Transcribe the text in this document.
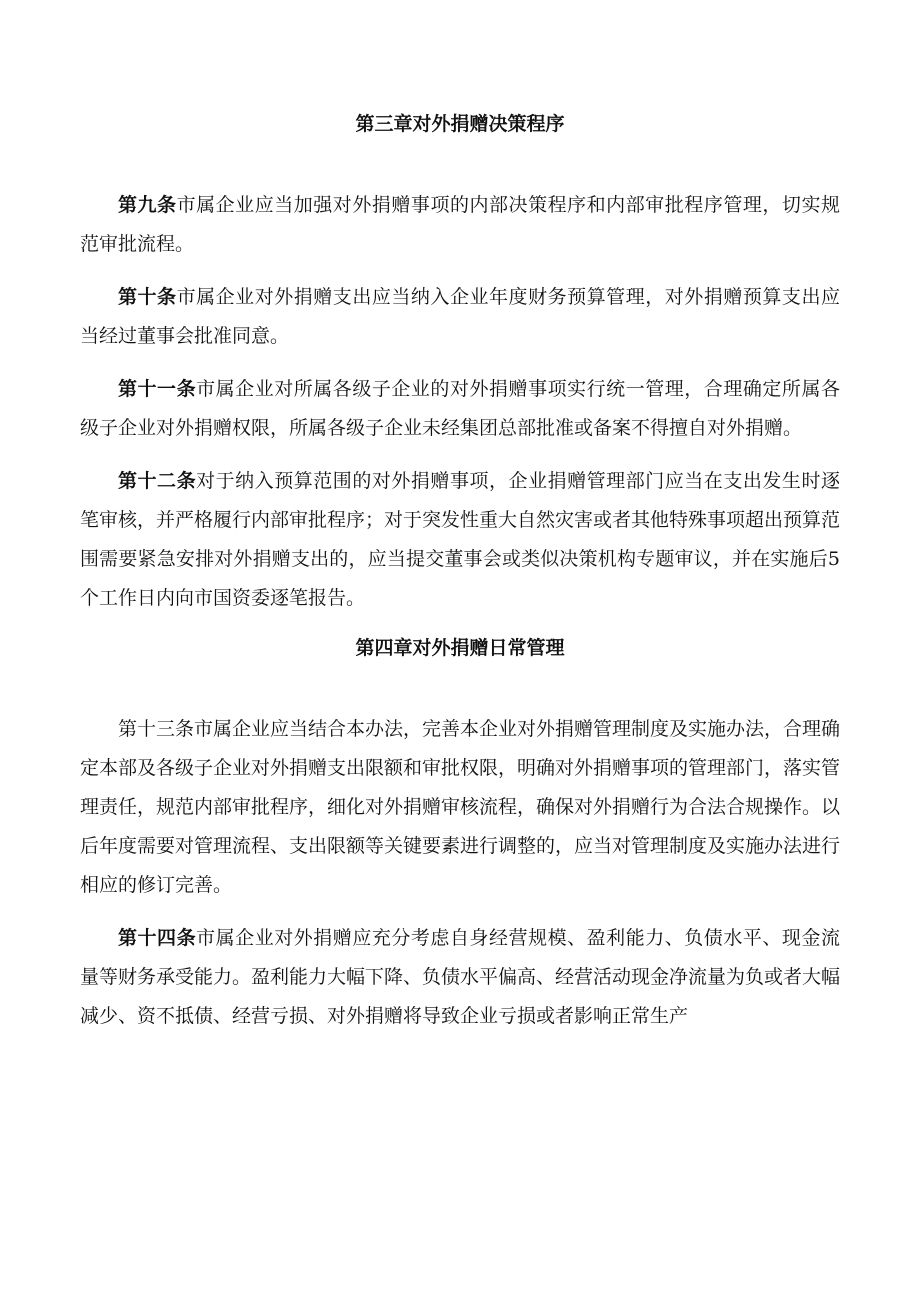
第三章对外捐赠决策程序

第九条市属企业应当加强对外捐赠事项的内部决策程序和内部审批程序管理，切实规范审批流程。

第十条市属企业对外捐赠支出应当纳入企业年度财务预算管理，对外捐赠预算支出应当经过董事会批准同意。

第十一条市属企业对所属各级子企业的对外捐赠事项实行统一管理，合理确定所属各级子企业对外捐赠权限，所属各级子企业未经集团总部批准或备案不得擅自对外捐赠。

第十二条对于纳入预算范围的对外捐赠事项，企业捐赠管理部门应当在支出发生时逐笔审核，并严格履行内部审批程序；对于突发性重大自然灾害或者其他特殊事项超出预算范围需要紧急安排对外捐赠支出的，应当提交董事会或类似决策机构专题审议，并在实施后5个工作日内向市国资委逐笔报告。

第四章对外捐赠日常管理

第十三条市属企业应当结合本办法，完善本企业对外捐赠管理制度及实施办法，合理确定本部及各级子企业对外捐赠支出限额和审批权限，明确对外捐赠事项的管理部门，落实管理责任，规范内部审批程序，细化对外捐赠审核流程，确保对外捐赠行为合法合规操作。以后年度需要对管理流程、支出限额等关键要素进行调整的，应当对管理制度及实施办法进行相应的修订完善。

第十四条市属企业对外捐赠应充分考虑自身经营规模、盈利能力、负债水平、现金流量等财务承受能力。盈利能力大幅下降、负债水平偏高、经营活动现金净流量为负或者大幅减少、资不抵债、经营亏损、对外捐赠将导致企业亏损或者影响正常生产
